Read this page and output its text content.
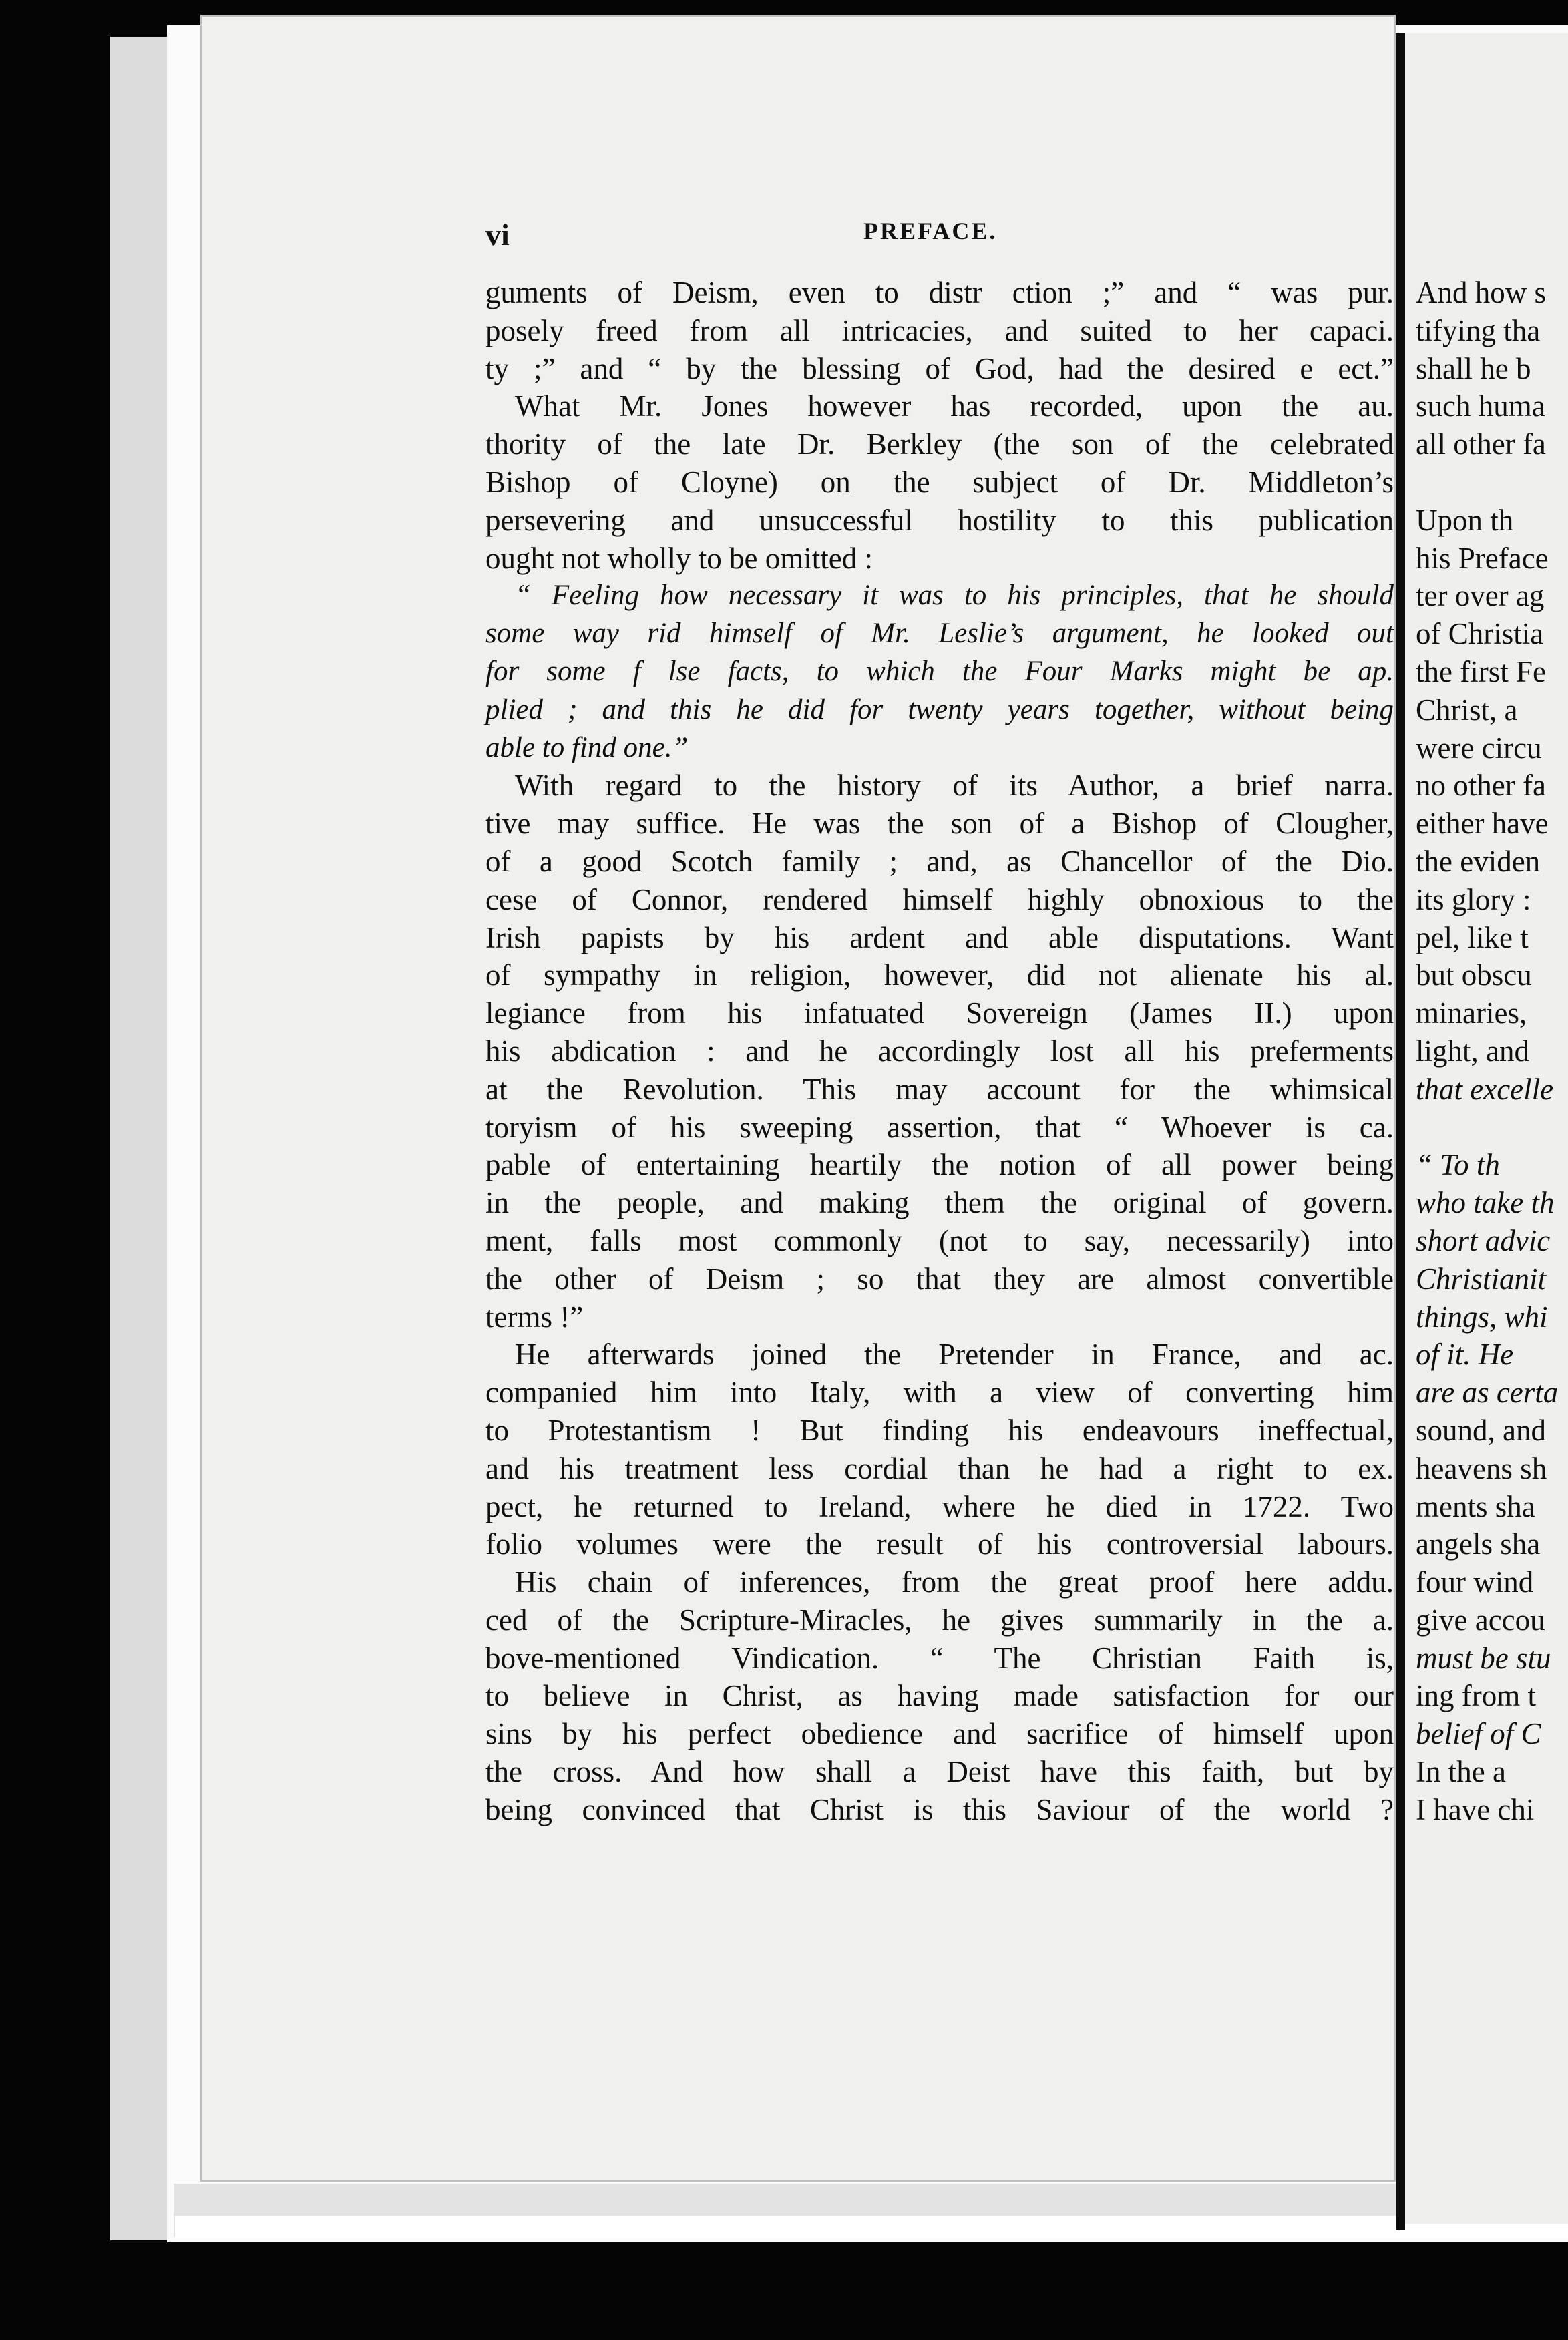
vi	PREFACE.
guments of Deism, even to distr ction ;” and “ was pur.
posely freed from all intricacies, and suited to her capaci.
ty ;” and “ by the blessing of God, had the desired e ect.”
What Mr. Jones however has recorded, upon the au.
thority of the late Dr. Berkley (the son of the celebrated
Bishop of Cloyne) on the subject of Dr. Middleton’s
persevering and unsuccessful hostility to this publication
ought not wholly to be omitted :
“ Feeling how necessary it was to his principles, that he should
some way rid himself of Mr. Leslie’s argument, he looked out
for some f lse facts, to which the Four Marks might be ap.
plied ; and this he did for twenty years together, without being
able to find one.”
With regard to the history of its Author, a brief narra.
tive may suffice. He was the son of a Bishop of Clougher,
of a good Scotch family ; and, as Chancellor of the Dio.
cese of Connor, rendered himself highly obnoxious to the
Irish papists by his ardent and able disputations. Want
of sympathy in religion, however, did not alienate his al.
legiance from his infatuated Sovereign (James II.) upon
his abdication : and he accordingly lost all his preferments
at the Revolution. This may account for the whimsical
toryism of his sweeping assertion, that “ Whoever is ca.
pable of entertaining heartily the notion of all power being
in the people, and making them the original of govern.
ment, falls most commonly (not to say, necessarily) into
the other of Deism ; so that they are almost convertible
terms !”
He afterwards joined the Pretender in France, and ac.
companied him into Italy, with a view of converting him
to Protestantism ! But finding his endeavours ineffectual,
and his treatment less cordial than he had a right to ex.
pect, he returned to Ireland, where he died in 1722. Two
folio volumes were the result of his controversial labours.
His chain of inferences, from the great proof here addu.
ced of the Scripture-Miracles, he gives summarily in the a.
bove-mentioned Vindication. “ The Christian Faith is,
to believe in Christ, as having made satisfaction for our
sins by his perfect obedience and sacrifice of himself upon
the cross. And how shall a Deist have this faith, but by
being convinced that Christ is this Saviour of the world ?
And how s
tifying tha
shall he b
such huma
all other fa
Upon th
his Preface
ter over ag
of Christia
the first Fe
Christ, a
were circu
no other fa
either have
the eviden
its glory :
pel, like t
but obscu
minaries,
light, and
that excelle
“ To th
who take th
short advic
Christianit
things, whi
of it. He
are as certa
sound, and
heavens sh
ments sha
angels sha
four wind
give accou
must be stu
ing from t
belief of C
In the a
I have chi
